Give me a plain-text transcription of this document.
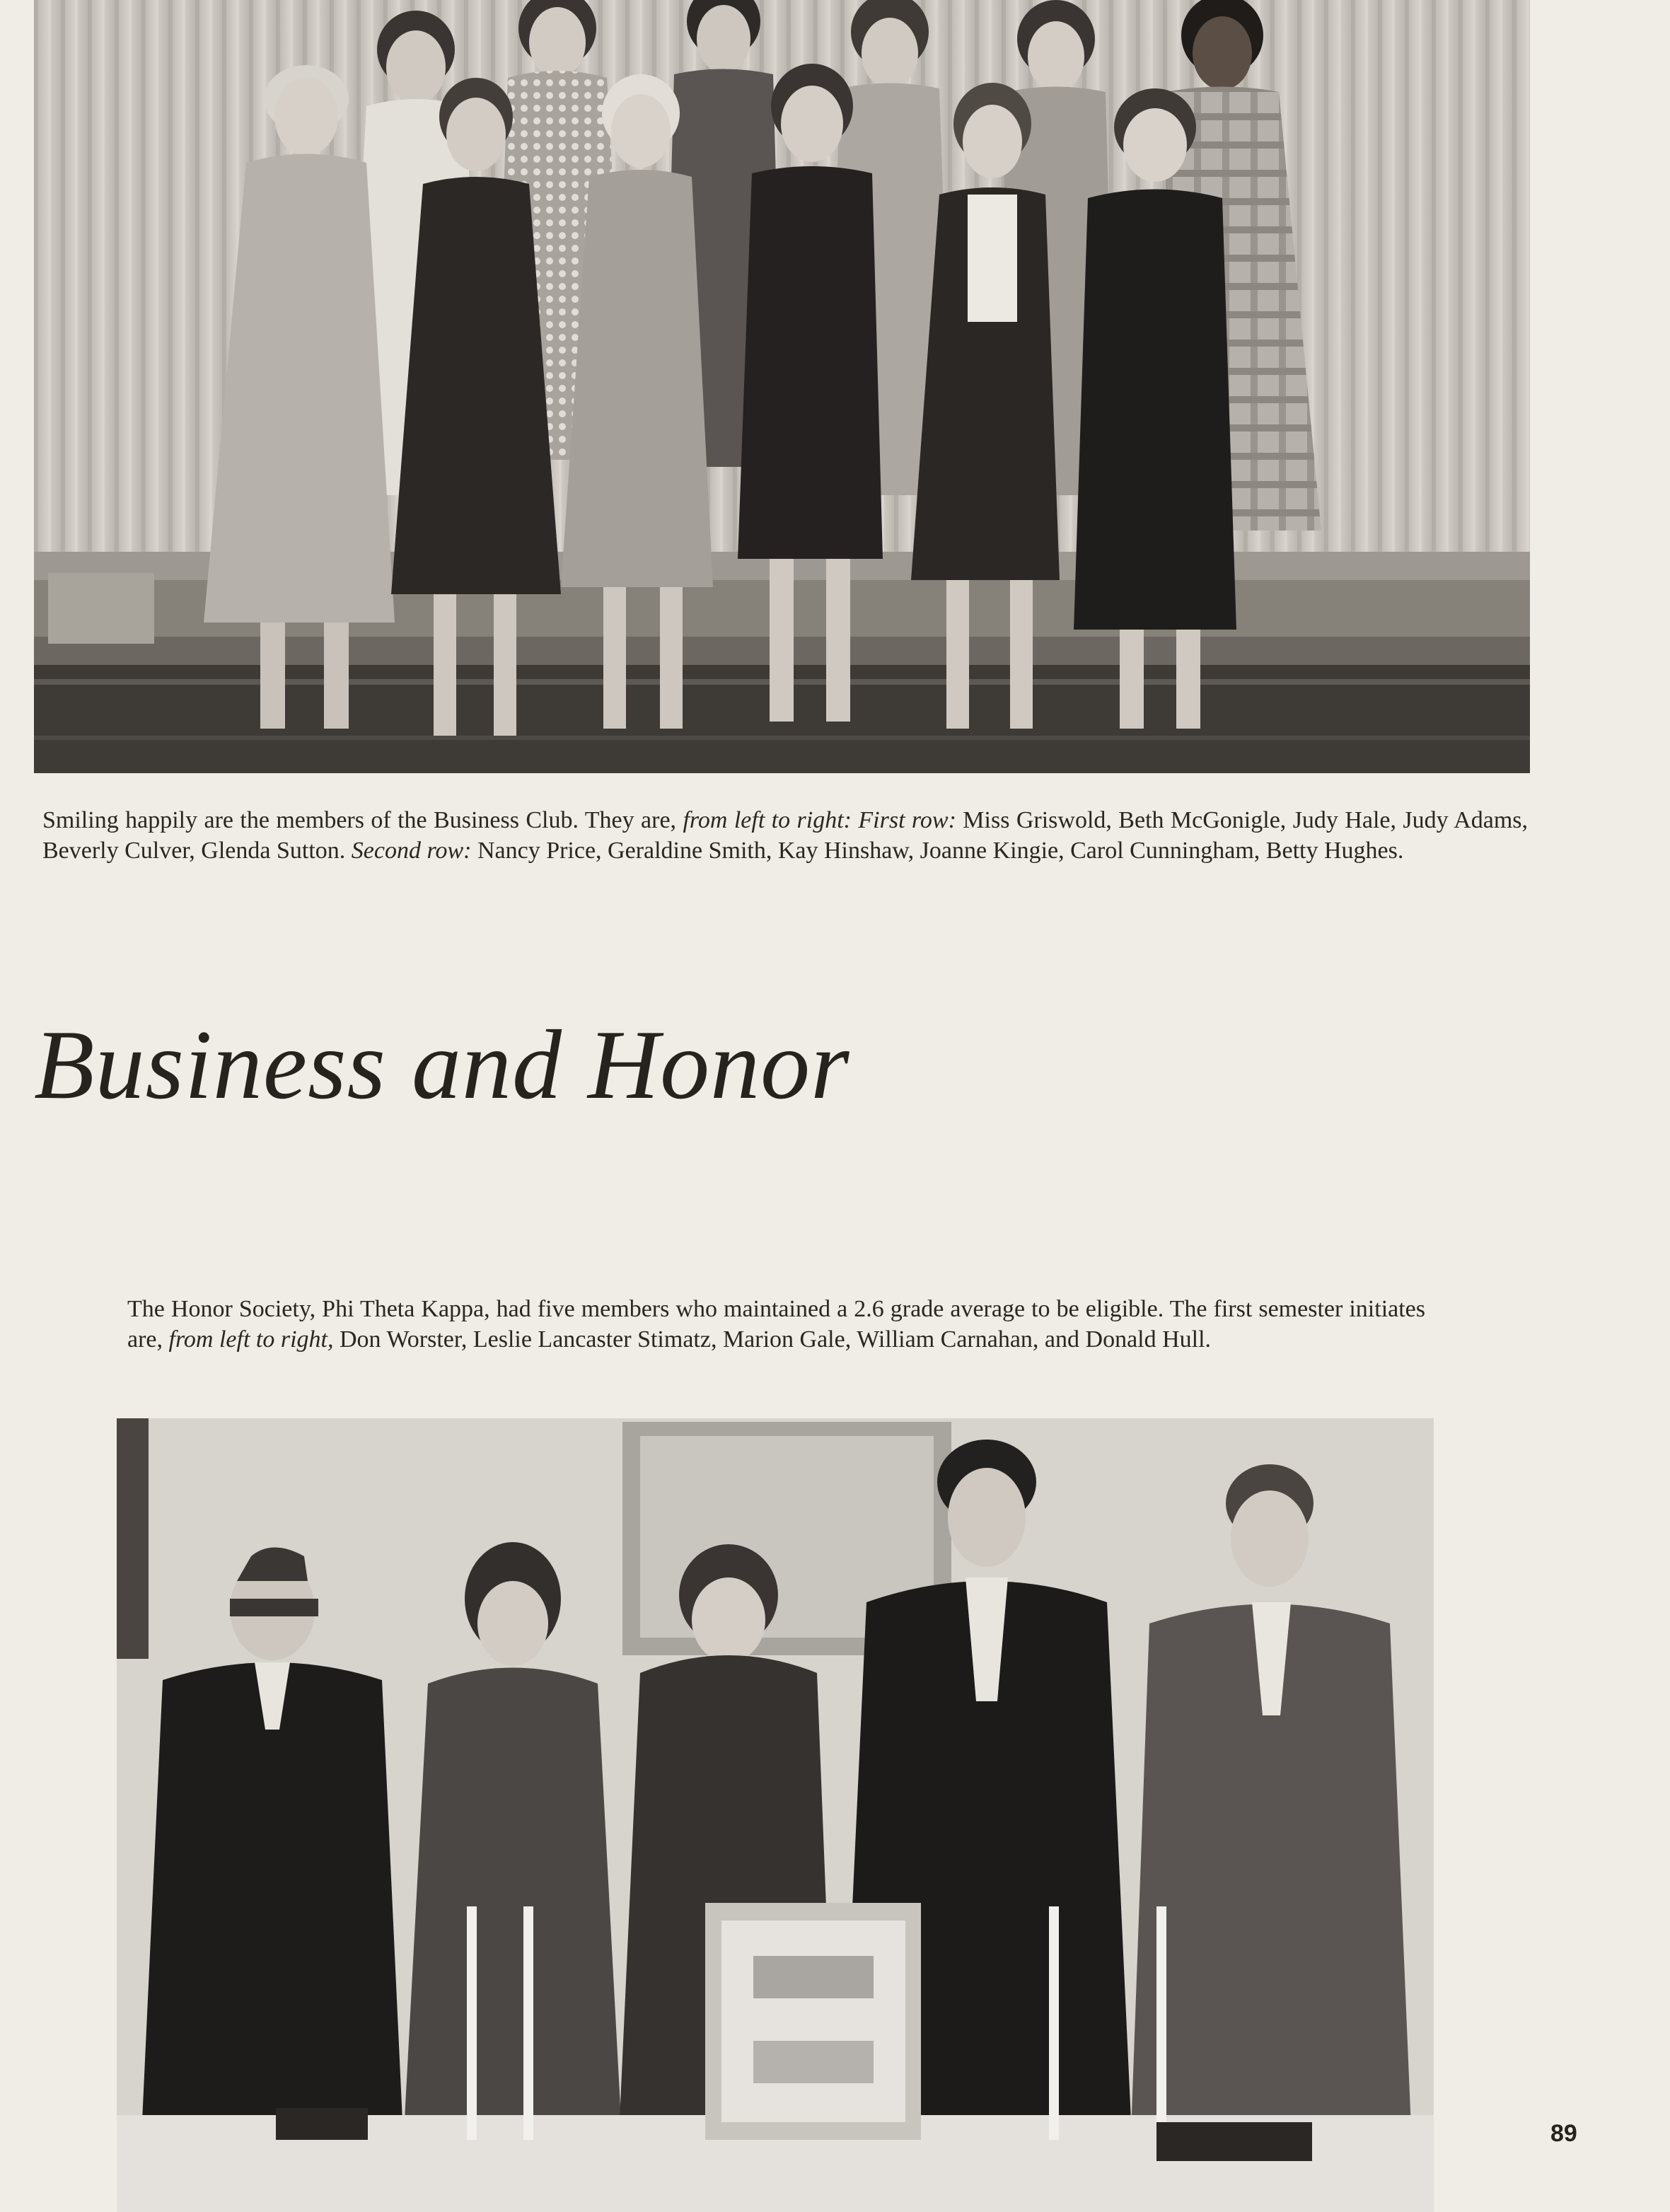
Smiling happily are the members of the Business Club. They are, from left to right: First row: Miss Griswold, Beth McGonigle, Judy Hale, Judy Adams, Beverly Culver, Glenda Sutton. Second row: Nancy Price, Geraldine Smith, Kay Hinshaw, Joanne Kingie, Carol Cunningham, Betty Hughes.
Business and Honor
The Honor Society, Phi Theta Kappa, had five members who maintained a 2.6 grade average to be eligible. The first semester initiates are, from left to right, Don Worster, Leslie Lancaster Stimatz, Marion Gale, William Carnahan, and Donald Hull.
89
